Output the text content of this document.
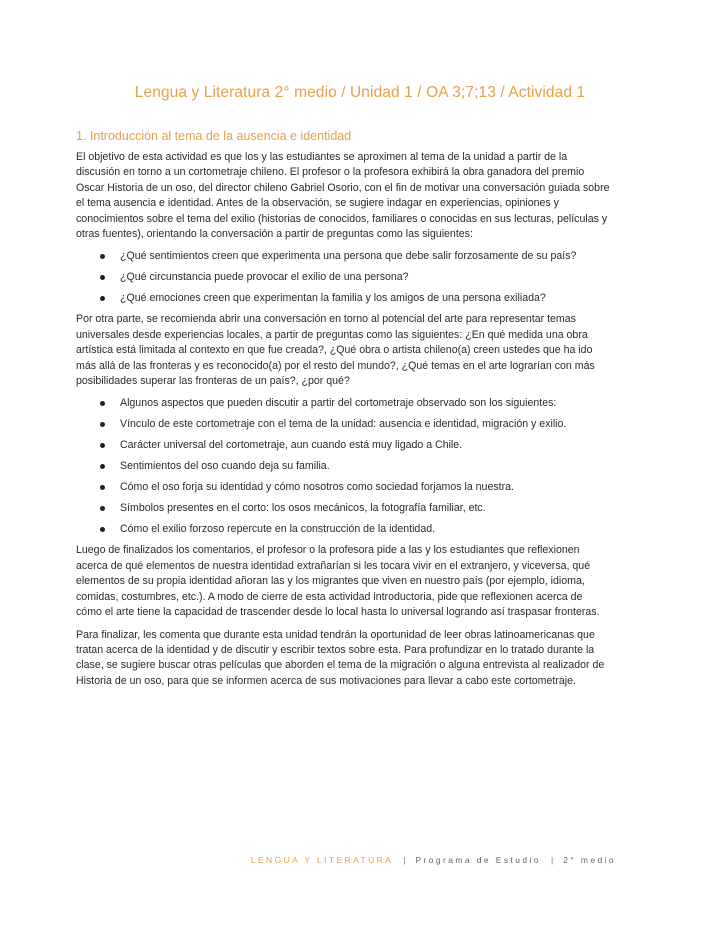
Lengua y Literatura 2° medio / Unidad 1 / OA 3;7;13 / Actividad 1
1. Introducción al tema de la ausencia e identidad

El objetivo de esta actividad es que los y las estudiantes se aproximen al tema de la unidad a partir de la discusión en torno a un cortometraje chileno. El profesor o la profesora exhibirá la obra ganadora del premio Oscar Historia de un oso, del director chileno Gabriel Osorio, con el fin de motivar una conversación guiada sobre el tema ausencia e identidad. Antes de la observación, se sugiere indagar en experiencias, opiniones y conocimientos sobre el tema del exilio (historias de conocidos, familiares o conocidas en sus lecturas, películas y otras fuentes), orientando la conversación a partir de preguntas como las siguientes:

¿Qué sentimientos creen que experimenta una persona que debe salir forzosamente de su país?
¿Qué circunstancia puede provocar el exilio de una persona?
¿Qué emociones creen que experimentan la familia y los amigos de una persona exiliada?

Por otra parte, se recomienda abrir una conversación en torno al potencial del arte para representar temas universales desde experiencias locales, a partir de preguntas como las siguientes: ¿En qué medida una obra artística está limitada al contexto en que fue creada?, ¿Qué obra o artista chileno(a) creen ustedes que ha ido más allá de las fronteras y es reconocido(a) por el resto del mundo?, ¿Qué temas en el arte lograrían con más posibilidades superar las fronteras de un país?, ¿por qué?

Algunos aspectos que pueden discutir a partir del cortometraje observado son los siguientes:
Vínculo de este cortometraje con el tema de la unidad: ausencia e identidad, migración y exilio.
Carácter universal del cortometraje, aun cuando está muy ligado a Chile.
Sentimientos del oso cuando deja su familia.
Cómo el oso forja su identidad y cómo nosotros como sociedad forjamos la nuestra.
Símbolos presentes en el corto: los osos mecánicos, la fotografía familiar, etc.
Cómo el exilio forzoso repercute en la construcción de la identidad.

Luego de finalizados los comentarios, el profesor o la profesora pide a las y los estudiantes que reflexionen acerca de qué elementos de nuestra identidad extrañarían si les tocara vivir en el extranjero, y viceversa, qué elementos de su propia identidad añoran las y los migrantes que viven en nuestro país (por ejemplo, idioma, comidas, costumbres, etc.). A modo de cierre de esta actividad introductoria, pide que reflexionen acerca de cómo el arte tiene la capacidad de trascender desde lo local hasta lo universal logrando así traspasar fronteras.

Para finalizar, les comenta que durante esta unidad tendrán la oportunidad de leer obras latinoamericanas que tratan acerca de la identidad y de discutir y escribir textos sobre esta. Para profundizar en lo tratado durante la clase, se sugiere buscar otras películas que aborden el tema de la migración o alguna entrevista al realizador de Historia de un oso, para que se informen acerca de sus motivaciones para llevar a cabo este cortometraje.

LENGUA Y LITERATURA | Programa de Estudio | 2° medio
